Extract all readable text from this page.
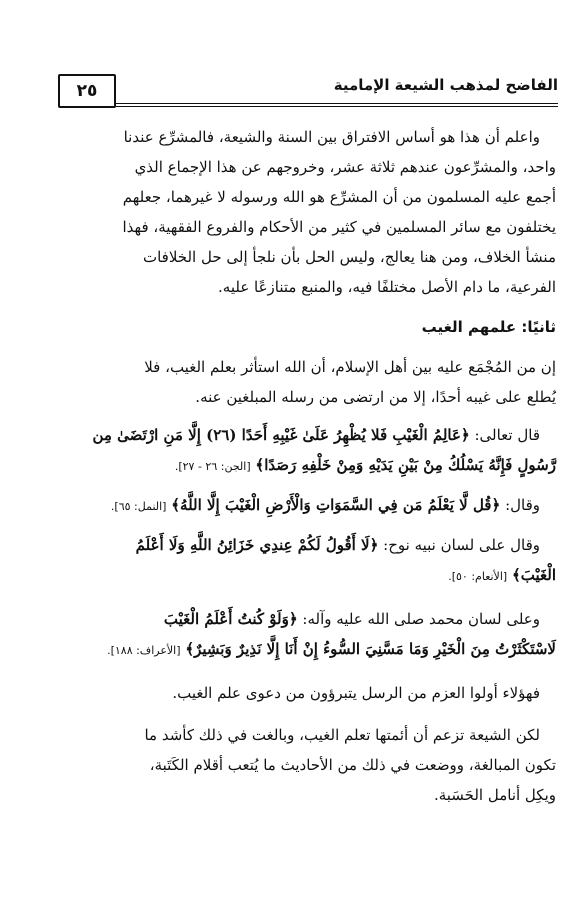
٢٥	الفاضح لمذهب الشيعة الإمامية

واعلم أن هذا هو أساس الافتراق بين السنة والشيعة، فالمشرِّع عندنا

واحد، والمشرِّعون عندهم ثلاثة عشر، وخروجهم عن هذا الإجماع الذي

أجمع عليه المسلمون من أن المشرِّع هو الله ورسوله لا غيرهما، جعلهم

يختلفون مع سائر المسلمين في كثير من الأحكام والفروع الفقهية، فهذا

منشأ الخلاف، ومن هنا يعالج، وليس الحل بأن نلجأ إلى حل الخلافات

الفرعية، ما دام الأصل مختلفًا فيه، والمنبع متنازعًا عليه.

ثانيًا: علمهم الغيب

إن من المُجْمَع عليه بين أهل الإسلام، أن الله استأثر بعلم الغيب، فلا

يُطلع على غيبه أحدًا، إلا من ارتضى من رسله المبلغين عنه.

قال تعالى: ﴿عَالِمُ الْغَيْبِ فَلا يُظْهِرُ عَلَىٰ غَيْبِهِ أَحَدًا (٢٦) إِلَّا مَنِ ارْتَضَىٰ مِن

رَّسُولٍ فَإِنَّهُ يَسْلُكُ مِنْ بَيْنِ يَدَيْهِ وَمِنْ خَلْفِهِ رَصَدًا﴾ [الجن: ٢٦ - ٢٧].

وقال: ﴿قُل لَّا يَعْلَمُ مَن فِي السَّمَوَاتِ وَالْأَرْضِ الْغَيْبَ إِلَّا اللَّهُ﴾ [النمل: ٦٥].

وقال على لسان نبيه نوح: ﴿لَا أَقُولُ لَكُمْ عِندِي خَزَائِنُ اللَّهِ وَلَا أَعْلَمُ

الْغَيْبَ﴾ [الأنعام: ٥٠].

وعلى لسان محمد صلى الله عليه وآله: ﴿وَلَوْ كُنتُ أَعْلَمُ الْغَيْبَ

لَاسْتَكْثَرْتُ مِنَ الْخَيْرِ وَمَا مَسَّنِيَ السُّوءُ إِنْ أَنَا إِلَّا نَذِيرٌ وَبَشِيرٌ﴾ [الأعراف: ١٨٨].

فهؤلاء أولوا العزم من الرسل يتبرؤون من دعوى علم الغيب.

لكن الشيعة تزعم أن أئمتها تعلم الغيب، وبالغت في ذلك كأشد ما

تكون المبالغة، ووضعت في ذلك من الأحاديث ما يُتعب أقلام الكَتَبة،

ويكِل أنامل الحَسَبة.
